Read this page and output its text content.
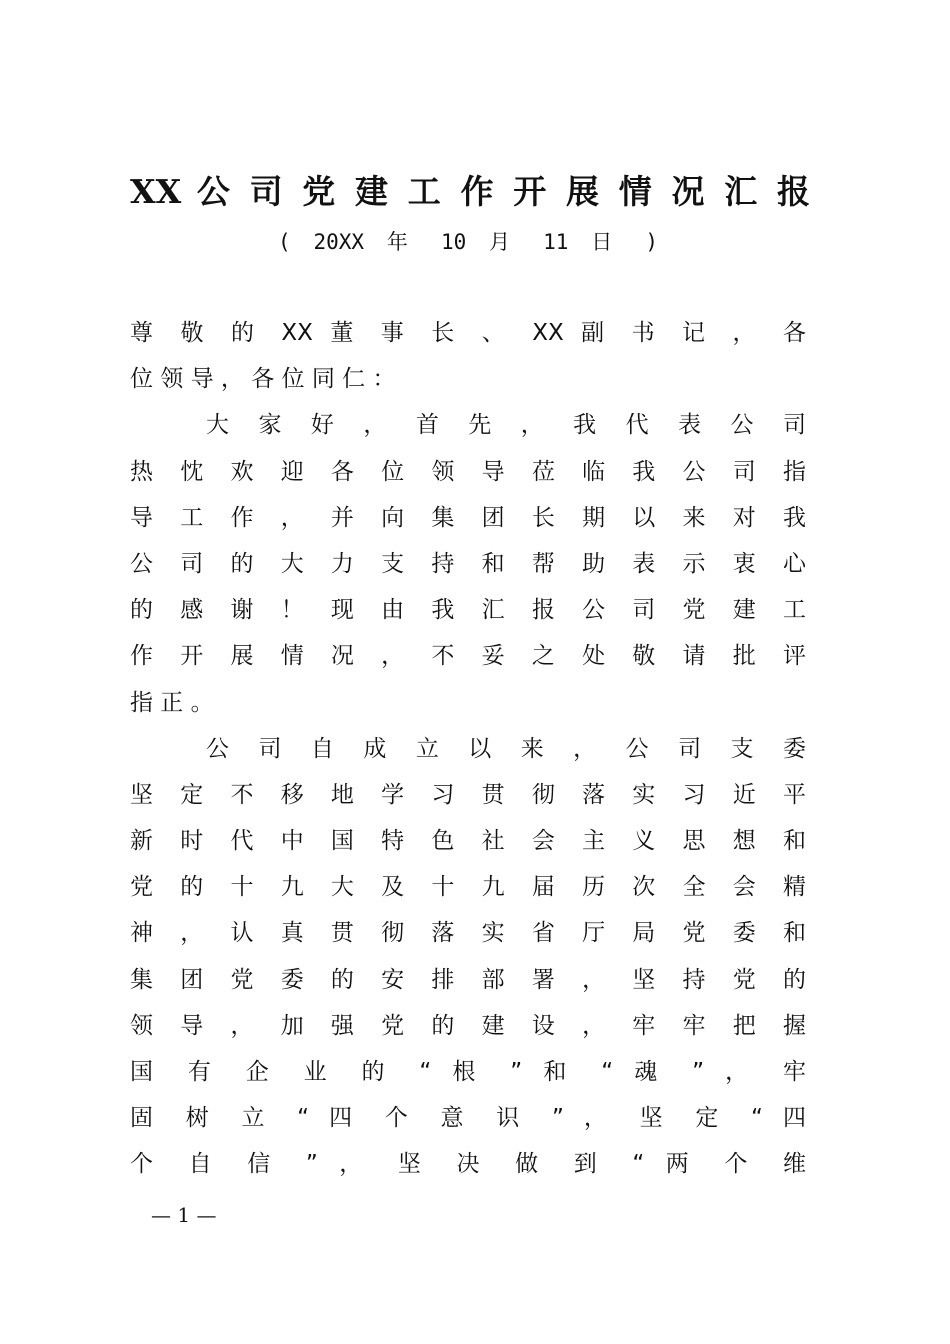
XX 公 司 党 建 工 作 开 展 情 况 汇 报
( 20XX 年 10 月 11 日 )
尊 敬 的 XX 董 事 长 、 XX 副 书 记 ， 各
位 领 导 ， 各 位 同 仁 ：
大 家 好 ， 首 先 ， 我 代 表 公 司
热 忱 欢 迎 各 位 领 导 莅 临 我 公 司 指
导 工 作 ， 并 向 集 团 长 期 以 来 对 我
公 司 的 大 力 支 持 和 帮 助 表 示 衷 心
的 感 谢 ！ 现 由 我 汇 报 公 司 党 建 工
作 开 展 情 况 ， 不 妥 之 处 敬 请 批 评
指 正 。
公 司 自 成 立 以 来 ， 公 司 支 委
坚 定 不 移 地 学 习 贯 彻 落 实 习 近 平
新 时 代 中 国 特 色 社 会 主 义 思 想 和
党 的 十 九 大 及 十 九 届 历 次 全 会 精
神 ， 认 真 贯 彻 落 实 省 厅 局 党 委 和
集 团 党 委 的 安 排 部 署 ， 坚 持 党 的
领 导 ， 加 强 党 的 建 设 ， 牢 牢 把 握
国 有 企 业 的 “ 根 ” 和 “ 魂 ” ， 牢
固 树 立 “ 四 个 意 识 ” ， 坚 定 “ 四
个 自 信 ” ， 坚 决 做 到 “ 两 个 维
— 1 —
